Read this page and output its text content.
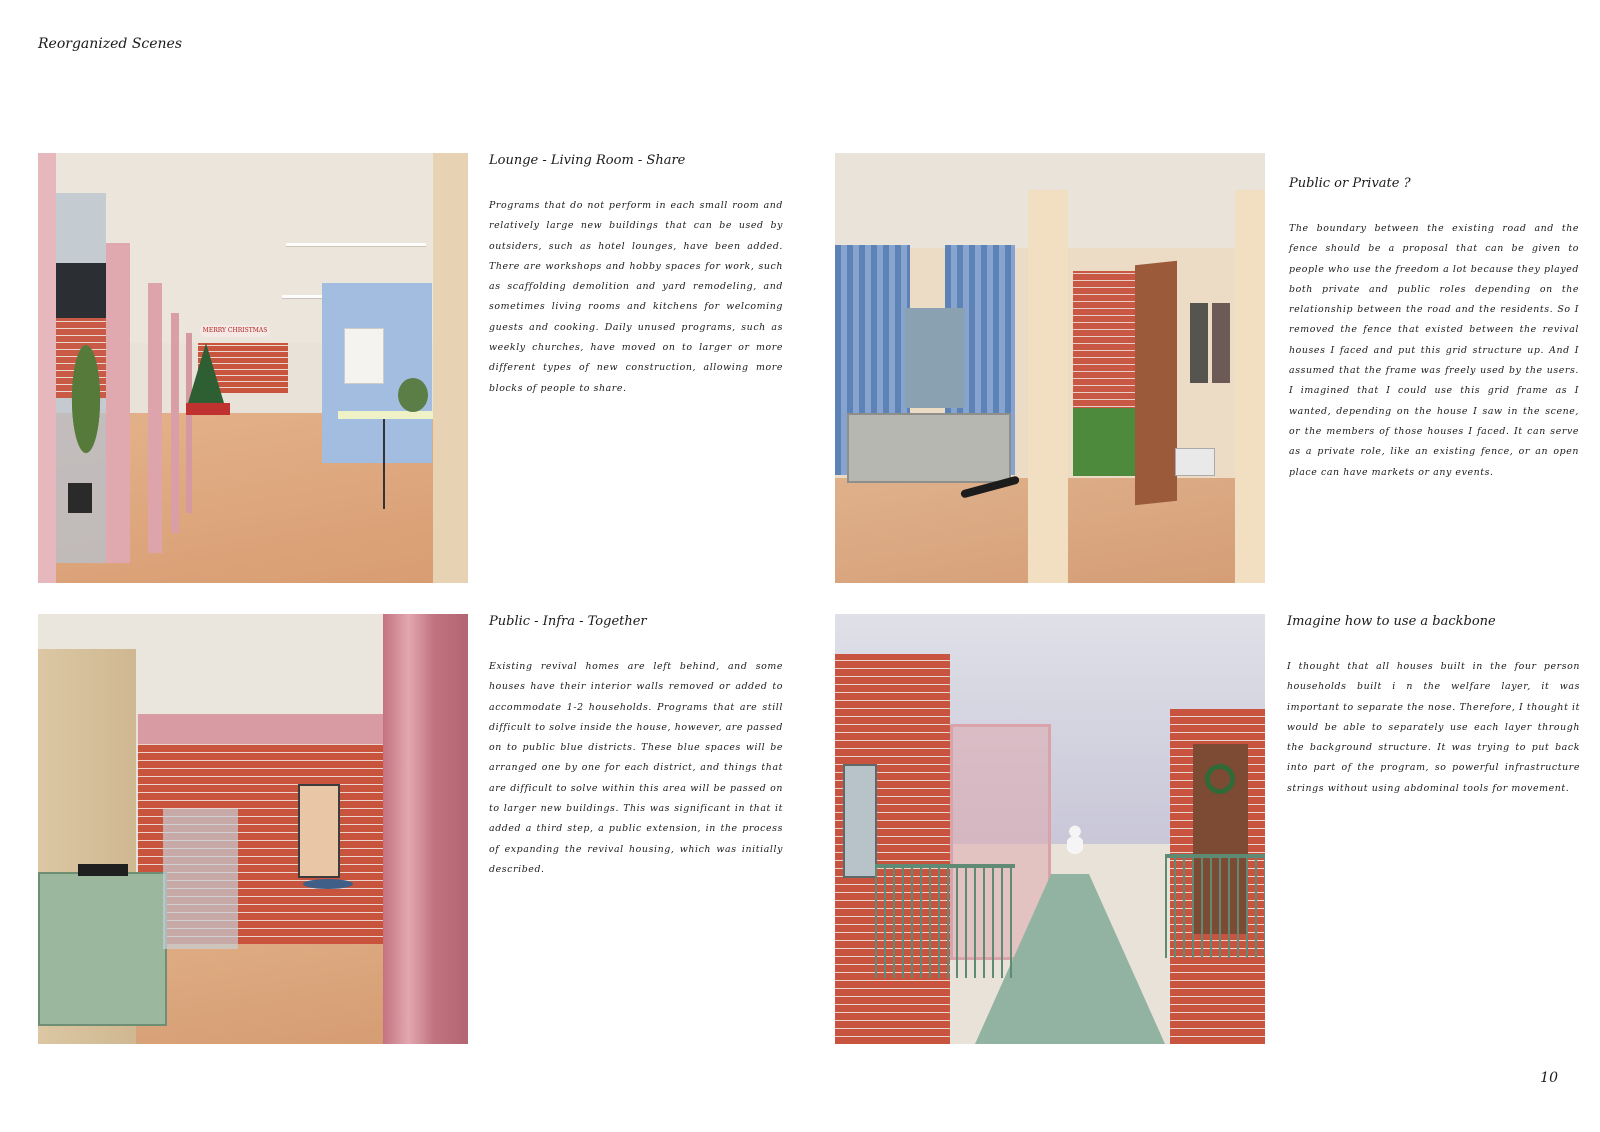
Reorganized Scenes
MERRY CHRISTMAS
Lounge - Living Room - Share

Programs that do not perform in each small room and relatively large new buildings that can be used by outsiders, such as hotel lounges, have been added. There are workshops and hobby spaces for work, such as scaffolding demolition and yard remodeling, and sometimes living rooms and kitchens for welcoming guests and cooking. Daily unused programs, such as weekly churches, have moved on to larger or more different types of new construction, allowing more blocks of people to share.

Public or Private ?

The boundary between the existing road and the fence should be a proposal that can be given to people who use the freedom a lot because they played both private and public roles depending on the relationship between the road and the residents. So I removed the fence that existed between the revival houses I faced and put this grid structure up. And I assumed that the frame was freely used by the users. I imagined that I could use this grid frame as I wanted, depending on the house I saw in the scene, or the members of those houses I faced. It can serve as a private role, like an existing fence, or an open place can have markets or any events.

Public - Infra - Together

Existing revival homes are left behind, and some houses have their interior walls removed or added to accommodate 1-2 households. Programs that are still difficult to solve inside the house, however, are passed on to public blue districts. These blue spaces will be arranged one by one for each district, and things that are difficult to solve within this area will be passed on to larger new buildings. This was significant in that it added a third step, a public extension, in the process of expanding the revival housing, which was initially described.

Imagine how to use a backbone

I thought that all houses built in the four person households built i n the welfare layer, it was important to separate the nose. Therefore, I thought it would be able to separately use each layer through the background structure. It was trying to put back into part of the program, so powerful infrastructure strings without using abdominal tools for movement.

10
